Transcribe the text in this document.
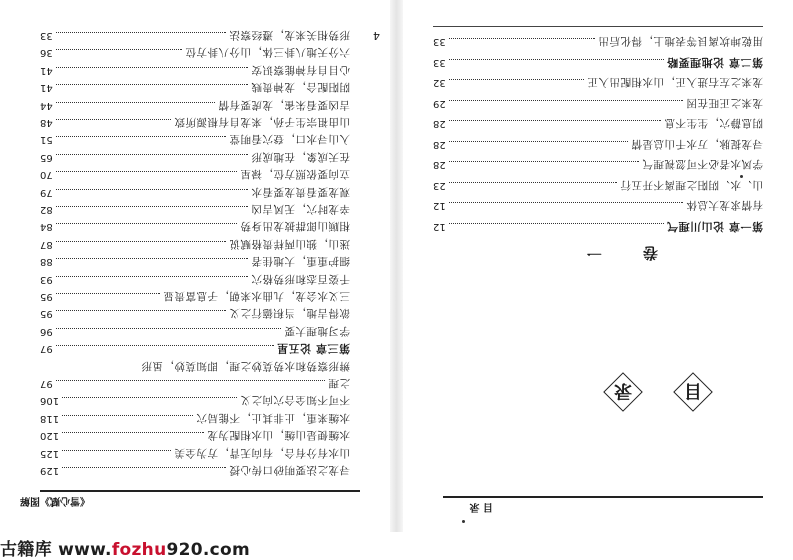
4
《雪心赋》图解
寻龙之法要明砂口传心授
129
山水有分有合，有向无背，方为全美
125
水缠便是山缠，山水相配为龙
120
水缠来重，止非其止，不能局穴
118
不可不知全合穴向之义
106
之理
97
辨形察势和水势莫妙之理，即知莫妙，虽形
第三章 论五星
97
学习地理大要
96
欲得吉地，当积德行之义
95
三义水会龙，九曲水来朝，子息富贵显
95
千姿百态和形势格穴
93
细护重重，大地佳者
88
迷山，独山两样贵格赋说
87
相顾山郎群披龙出身势
84
辛龙时穴，无风吉凶
82
观龙要看贵龙要看水
79
立向要依照方位，禄星
70
在天成象，在地成形
65
入山寻水口，登穴看明堂
51
山由祖宗生子孙，来龙自有根源所致
48
吉凶要看朱雀，龙虎要有情
44
阴阳配合，龙神贵贱
41
心目自有神能察识安
41
六分天地八卦三体，山分八卦方位
36
形势相关来龙，遵经察法
33
目 录
目
录
卷 一
第一章 论山川理气
12
有情求龙大总体
12
山、水、阴阳之理离不开五行
23
学风水者必不可忽视理气
28
寻龙捉脉，万水千山总是情
28
阴息静穴，生生不息
28
龙来之正旺在因
29
龙来之左右进入正，山水相配出入正
32
第二章 论地理要略
33
用乾坤坎离艮等表地上，得化后出
33
古籍库 www.fozhu920.com
